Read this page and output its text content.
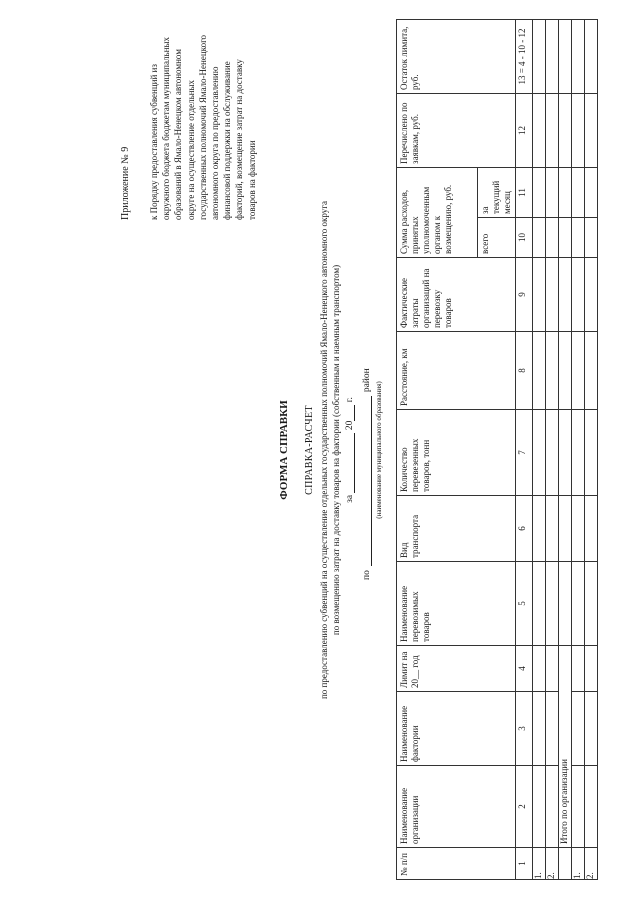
Приложение № 9 к Порядку предоставления субвенций из окружного бюджета бюджетам муниципальных образований в Ямало-Ненецком автономном округе на осуществление отдельных государственных полномочий Ямало-Ненецкого автономного округа по предоставлению финансовой поддержки на обслуживание факторий, возмещение затрат на доставку товаров на фактории
ФОРМА СПРАВКИ СПРАВКА-РАСЧЕТ по предоставлению субвенций на осуществление отдельных государственных полномочий Ямало-Ненецкого автономного округа по возмещению затрат на доставку товаров на фактории (собственным и наемным транспортом) за  20 г.
порайон
(наименование муниципального образования)
№ п/п	Наименование организации	Наименование фактории	Лимит на 20__ год	Наименование перевозимых товаров	Вид транспорта	Количество перевезенных товаров, тонн	Расстояние, км	Фактические затраты организаций на перевозку товаров	Сумма расходов, принятых уполномоченным органом к возмещению, руб.		Перечислено по заявкам, руб.	Остаток лимита, руб.
									всего	за текущий месяц		
1	2	3	4	5	6	7	8	9	10	11	12	13 = 4 - 10 - 12
1.												
2.												
	Итого по организации											
1.												
2.												
